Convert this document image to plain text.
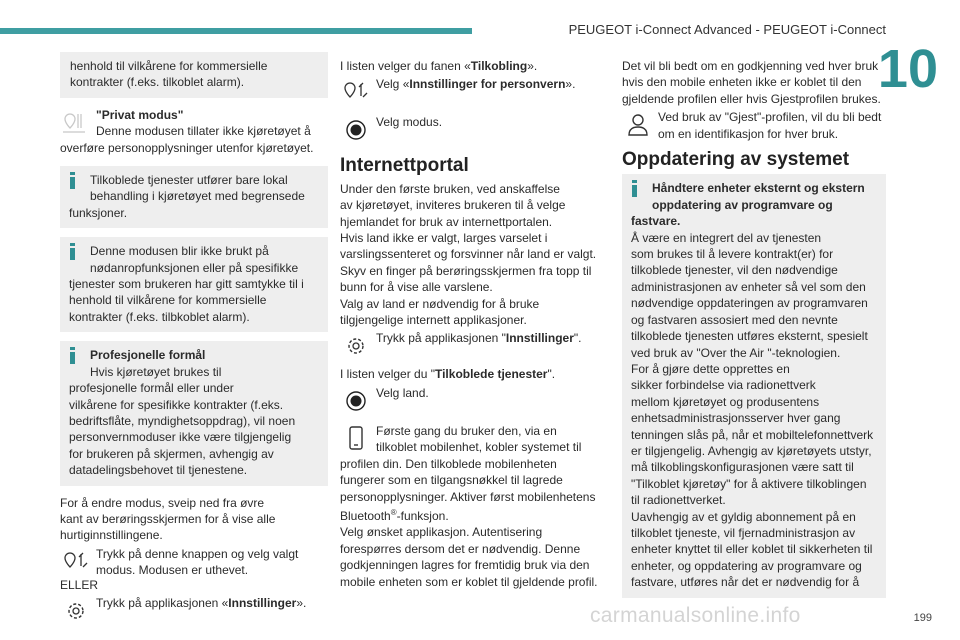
PEUGEOT i-Connect Advanced - PEUGEOT i-Connect
10
henhold til vilkårene for kommersielle
kontrakter (f.eks. tilkoblet alarm).
"Privat modus"
Denne modusen tillater ikke kjøretøyet å
overføre personopplysninger utenfor kjøretøyet.
Tilkoblede tjenester utfører bare lokal
behandling i kjøretøyet med begrensede
funksjoner.
Denne modusen blir ikke brukt på
nødanropfunksjonen eller på spesifikke
tjenester som brukeren har gitt samtykke til i
henhold til vilkårene for kommersielle
kontrakter (f.eks. tilbkoblet alarm).
Profesjonelle formål
Hvis kjøretøyet brukes til
profesjonelle formål eller under
vilkårene for spesifikke kontrakter (f.eks.
bedriftsflåte, myndighetsoppdrag), vil noen
personvernmoduser ikke være tilgjengelig
for brukeren på skjermen, avhengig av
datadelingsbehovet til tjenestene.
For å endre modus, sveip ned fra øvre
kant av berøringsskjermen for å vise alle
hurtiginnstillingene.
Trykk på denne knappen og velg valgt
modus. Modusen er uthevet.
ELLER
Trykk på applikasjonen «Innstillinger».
I listen velger du fanen «Tilkobling».
Velg «Innstillinger for personvern».
Velg modus.
Internettportal
Under den første bruken, ved anskaffelse
av kjøretøyet, inviteres brukeren til å velge
hjemlandet for bruk av internettportalen.
Hvis land ikke er valgt, larges varselet i
varslingssenteret og forsvinner når land er valgt.
Skyv en finger på berøringsskjermen fra topp til
bunn for å vise alle varslene.
Valg av land er nødvendig for å bruke
tilgjengelige internett applikasjoner.
Trykk på applikasjonen "Innstillinger".
I listen velger du "Tilkoblede tjenester".
Velg land.
Første gang du bruker den, via en
tilkoblet mobilenhet, kobler systemet til
profilen din. Den tilkoblede mobilenheten
fungerer som en tilgangsnøkkel til lagrede
personopplysninger. Aktiver først mobilenhetens
Bluetooth®-funksjon.
Velg ønsket applikasjon. Autentisering
forespørres dersom det er nødvendig. Denne
godkjenningen lagres for fremtidig bruk via den
mobile enheten som er koblet til gjeldende profil.
Det vil bli bedt om en godkjenning ved hver bruk
hvis den mobile enheten ikke er koblet til den
gjeldende profilen eller hvis Gjestprofilen brukes.
Ved bruk av "Gjest"-profilen, vil du bli bedt
om en identifikasjon for hver bruk.
Oppdatering av systemet
Håndtere enheter eksternt og ekstern
oppdatering av programvare og
fastvare.
Å være en integrert del av tjenesten
som brukes til å levere kontrakt(er) for
tilkoblede tjenester, vil den nødvendige
administrasjonen av enheter så vel som den
nødvendige oppdateringen av programvaren
og fastvaren assosiert med den nevnte
tilkoblede tjenesten utføres eksternt, spesielt
ved bruk av "Over the Air "-teknologien.
For å gjøre dette opprettes en
sikker forbindelse via radionettverk
mellom kjøretøyet og produsentens
enhetsadministrasjonsserver hver gang
tenningen slås på, når et mobiltelefonnettverk
er tilgjengelig. Avhengig av kjøretøyets utstyr,
må tilkoblingskonfigurasjonen være satt til
"Tilkoblet kjøretøy" for å aktivere tilkoblingen
til radionettverket.
Uavhengig av et gyldig abonnement på en
tilkoblet tjeneste, vil fjernadministrasjon av
enheter knyttet til eller koblet til sikkerheten til
enheter, og oppdatering av programvare og
fastvare, utføres når det er nødvendig for å
carmanualsonline.info	199
